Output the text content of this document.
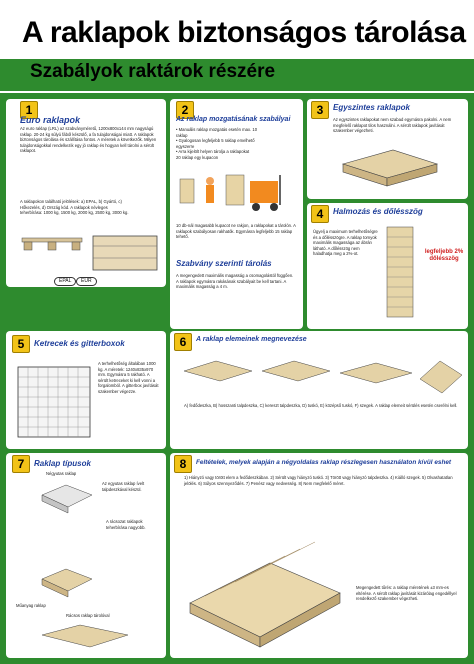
A raklapok biztonságos tárolása
Szabályok raktárok részére
1
Euro raklapok
Az euro raklap (LRL) az szabványméretű, 1200x800x144 mm nagyságú raklap. 20-24 kg súlyú fából készülő, a fa tulajdonságai miatt. A raklapok biztonságos tárolása és szállítása fontos. A méretek a következők. Milyen tulajdonságokkal rendelkezik egy jó raklap és hogyan kell tárolni a sérült raklapot.
A raklapokon található jelölések: a) EPAL, b) Gyártó, c) Hőkezelés, d) Ország kód. A raklapok névleges teherbírása: 1000 kg, 1500 kg, 2000 kg, 2500 kg, 3000 kg.
EPAL	EUR
2
Az raklap mozgatásának szabályai
• Manuális raklap mozgatás esetén max. 10 raklap
• Gyalogosan legfeljebb 5 raklap emelhető egyszerre
• Arra kijelölt helyen tárolja a raklapokat
20 raklap egy kupacon
10 db-nál magasabb kupacot ne rakjon, a raklapokat a tárolón. A raklapok szabályosan rakhatók. Egymásra legfeljebb 15 raklap tehető.
Szabvány szerinti tárolás
A megengedett maximális magasság a csomagolástól függően. A raklapok egymásra rakásának szabályait be kell tartani. A maximális magasság a 4 m.
3	Egyszintes raklapok
Az egyszintes raklapokat nem szabad egymásra pakolni. A nem megfelelő raklapot tilos használni. A sérült raklapok javítását szakember végezheti.
4	Halmozás és dőlésszög
Ügyelj a maximum terhelhetőségre és a dőlésszögre. A raklap tornyok maximális magassága az ábrán látható. A dőlésszög nem haladhatja meg a 2%-ot.	legfeljebb 2% dőlésszög
5	Ketrecek és gitterboxok
A terhelhetőség általában 1000 kg. A méretek: 1240x835x970 mm. Egymásra 5 rakható. A sérült ketreceket ki kell vonni a forgalomból. A gitterbox javítását szakember végezze.
6	A raklap elemeinek megnevezése
A) fedődeszka, B) hosszanti talpdeszka, C) kereszt talpdeszka, D) tuskó, E) középső tuskó, F) szegek. A raklap elemeit sérülés esetén cserélni kell.
7	Raklap típusok
Négyutas raklap
Az egyutas raklap ívelt talpdeszkával készül.
A rácsozat raklapok teherbírása nagyobb.
Műanyag raklap
Rácsos raklap tárolóval
8	Feltételek, melyek alapján a négyoldalas raklap részlegesen használaton kívül eshet
1) Hiányzó vagy törött elem a fedődeszkában. 2) Sérült vagy hiányzó tuskó. 3) Törött vagy hiányzó talpdeszka. 4) Kiálló szegek. 5) Olvashatatlan jelölés. 6) Súlyos szennyeződés. 7) Penész vagy nedvesség. 8) Nem megfelelő méret.
Megengedett tűrés: a raklap méretének ±3 mm-es eltérése. A sérült raklap javítását kizárólag engedéllyel rendelkező szakember végezheti.
